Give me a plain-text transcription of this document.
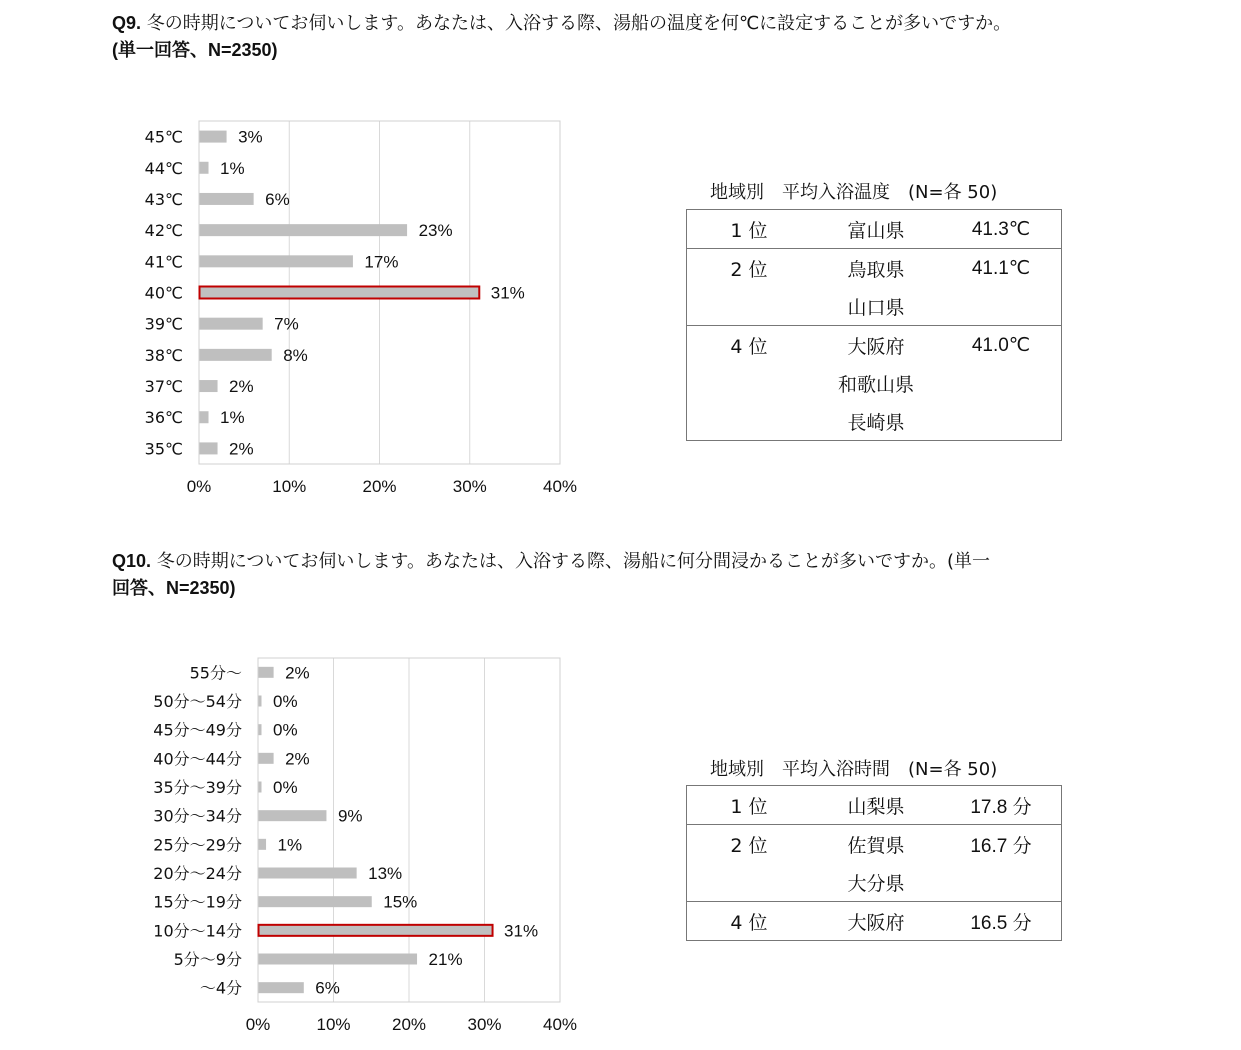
Q9. 冬の時期についてお伺いします。あなたは、入浴する際、湯船の温度を何℃に設定することが多いですか。
(単一回答、N=2350)
Q10. 冬の時期についてお伺いします。あなたは、入浴する際、湯船に何分間浸かることが多いですか。(単一
回答、N=2350)
0%	10%	20%	30%	40%
45℃	3%
44℃ 1%
43℃	6%
42℃	23%
41℃	17%
40℃	31%
39℃	7%
38℃	8%
37℃	2%
36℃ 1%
35℃	2%
0%	10% 20% 30% 40%
55分～	2%
50分～54分 0%
45分～49分 0%
40分～44分	2%
35分～39分 0%
30分～34分	9%
25分～29分 1%
20分～24分	13%
15分～19分	15%
10分～14分	31%
5分～9分	21%
～4分	6%
地域別　平均入浴温度　(N=各 50)
1 位	富山県	41.3℃
2 位	鳥取県	41.1℃
	山口県	
4 位	大阪府	41.0℃
	和歌山県	
	長崎県	
地域別　平均入浴時間　(N=各 50)
1 位	山梨県	17.8 分
2 位	佐賀県	16.7 分
	大分県	
4 位	大阪府	16.5 分
